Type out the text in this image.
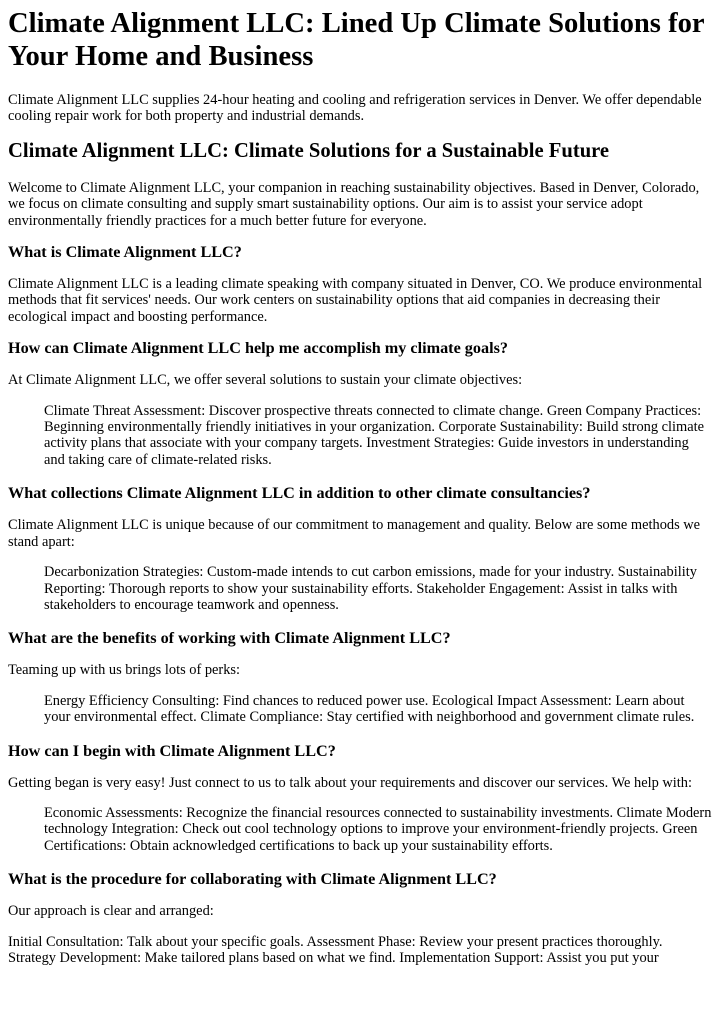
Climate Alignment LLC: Lined Up Climate Solutions for Your Home and Business

Climate Alignment LLC supplies 24-hour heating and cooling and refrigeration services in Denver. We offer dependable cooling repair work for both property and industrial demands.

Climate Alignment LLC: Climate Solutions for a Sustainable Future

Welcome to Climate Alignment LLC, your companion in reaching sustainability objectives. Based in Denver, Colorado, we focus on climate consulting and supply smart sustainability options. Our aim is to assist your service adopt environmentally friendly practices for a much better future for everyone.

What is Climate Alignment LLC?

Climate Alignment LLC is a leading climate speaking with company situated in Denver, CO. We produce environmental methods that fit services' needs. Our work centers on sustainability options that aid companies in decreasing their ecological impact and boosting performance.

How can Climate Alignment LLC help me accomplish my climate goals?

At Climate Alignment LLC, we offer several solutions to sustain your climate objectives:

Climate Threat Assessment: Discover prospective threats connected to climate change. Green Company Practices: Beginning environmentally friendly initiatives in your organization. Corporate Sustainability: Build strong climate activity plans that associate with your company targets. Investment Strategies: Guide investors in understanding and taking care of climate-related risks.
What collections Climate Alignment LLC in addition to other climate consultancies?

Climate Alignment LLC is unique because of our commitment to management and quality. Below are some methods we stand apart:

Decarbonization Strategies: Custom-made intends to cut carbon emissions, made for your industry. Sustainability Reporting: Thorough reports to show your sustainability efforts. Stakeholder Engagement: Assist in talks with stakeholders to encourage teamwork and openness.
What are the benefits of working with Climate Alignment LLC?

Teaming up with us brings lots of perks:

Energy Efficiency Consulting: Find chances to reduced power use. Ecological Impact Assessment: Learn about your environmental effect. Climate Compliance: Stay certified with neighborhood and government climate rules.
How can I begin with Climate Alignment LLC?

Getting began is very easy! Just connect to us to talk about your requirements and discover our services. We help with:

Economic Assessments: Recognize the financial resources connected to sustainability investments. Climate Modern technology Integration: Check out cool technology options to improve your environment-friendly projects. Green Certifications: Obtain acknowledged certifications to back up your sustainability efforts.
What is the procedure for collaborating with Climate Alignment LLC?

Our approach is clear and arranged:

Initial Consultation: Talk about your specific goals. Assessment Phase: Review your present practices thoroughly. Strategy Development: Make tailored plans based on what we find. Implementation Support: Assist you put your
